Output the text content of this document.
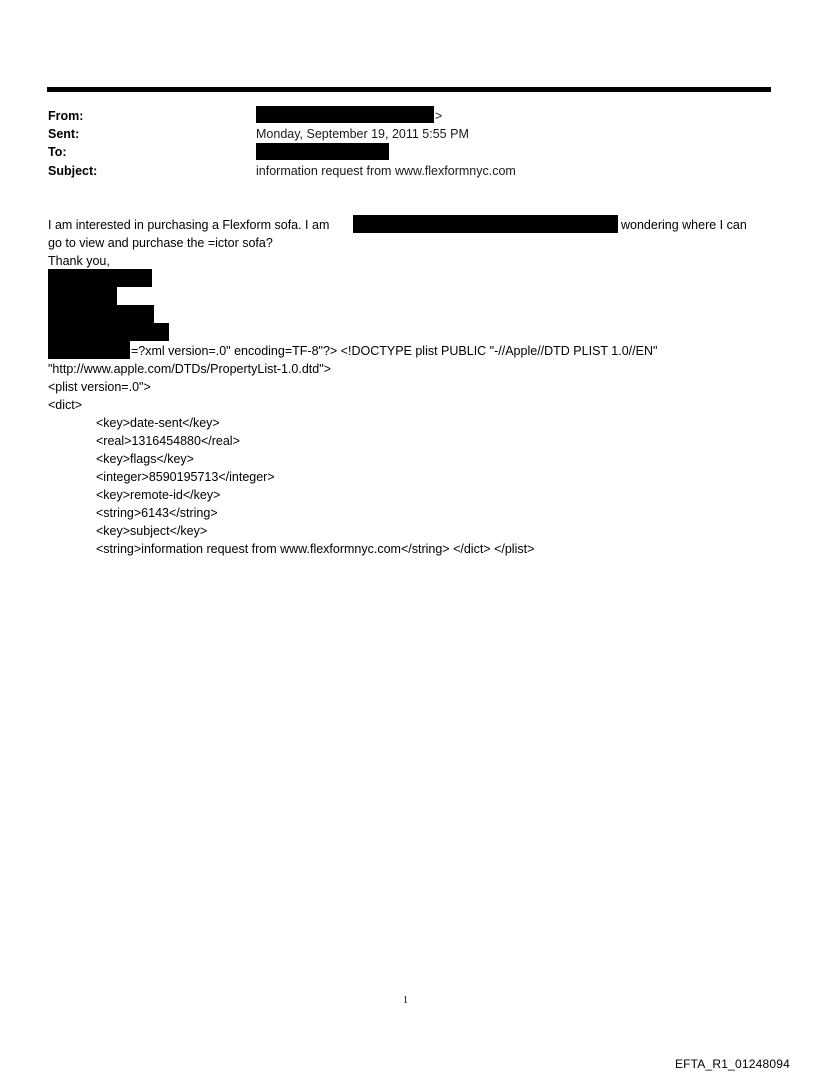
From:	>
Sent:	Monday, September 19, 2011 5:55 PM
To:
Subject:	information request from www.flexformnyc.com
I am interested in purchasing a Flexform sofa. I am	wondering where I can
go to view and purchase the =ictor sofa?
Thank you,
=?xml version=.0" encoding=TF-8"?> <!DOCTYPE plist PUBLIC "-//Apple//DTD PLIST 1.0//EN"
"http://www.apple.com/DTDs/PropertyList-1.0.dtd">
<plist version=.0">
<dict>
<key>date-sent</key>
<real>1316454880</real>
<key>flags</key>
<integer>8590195713</integer>
<key>remote-id</key>
<string>6143</string>
<key>subject</key>
<string>information request from www.flexformnyc.com</string> </dict> </plist>
1
EFTA_R1_01248094
